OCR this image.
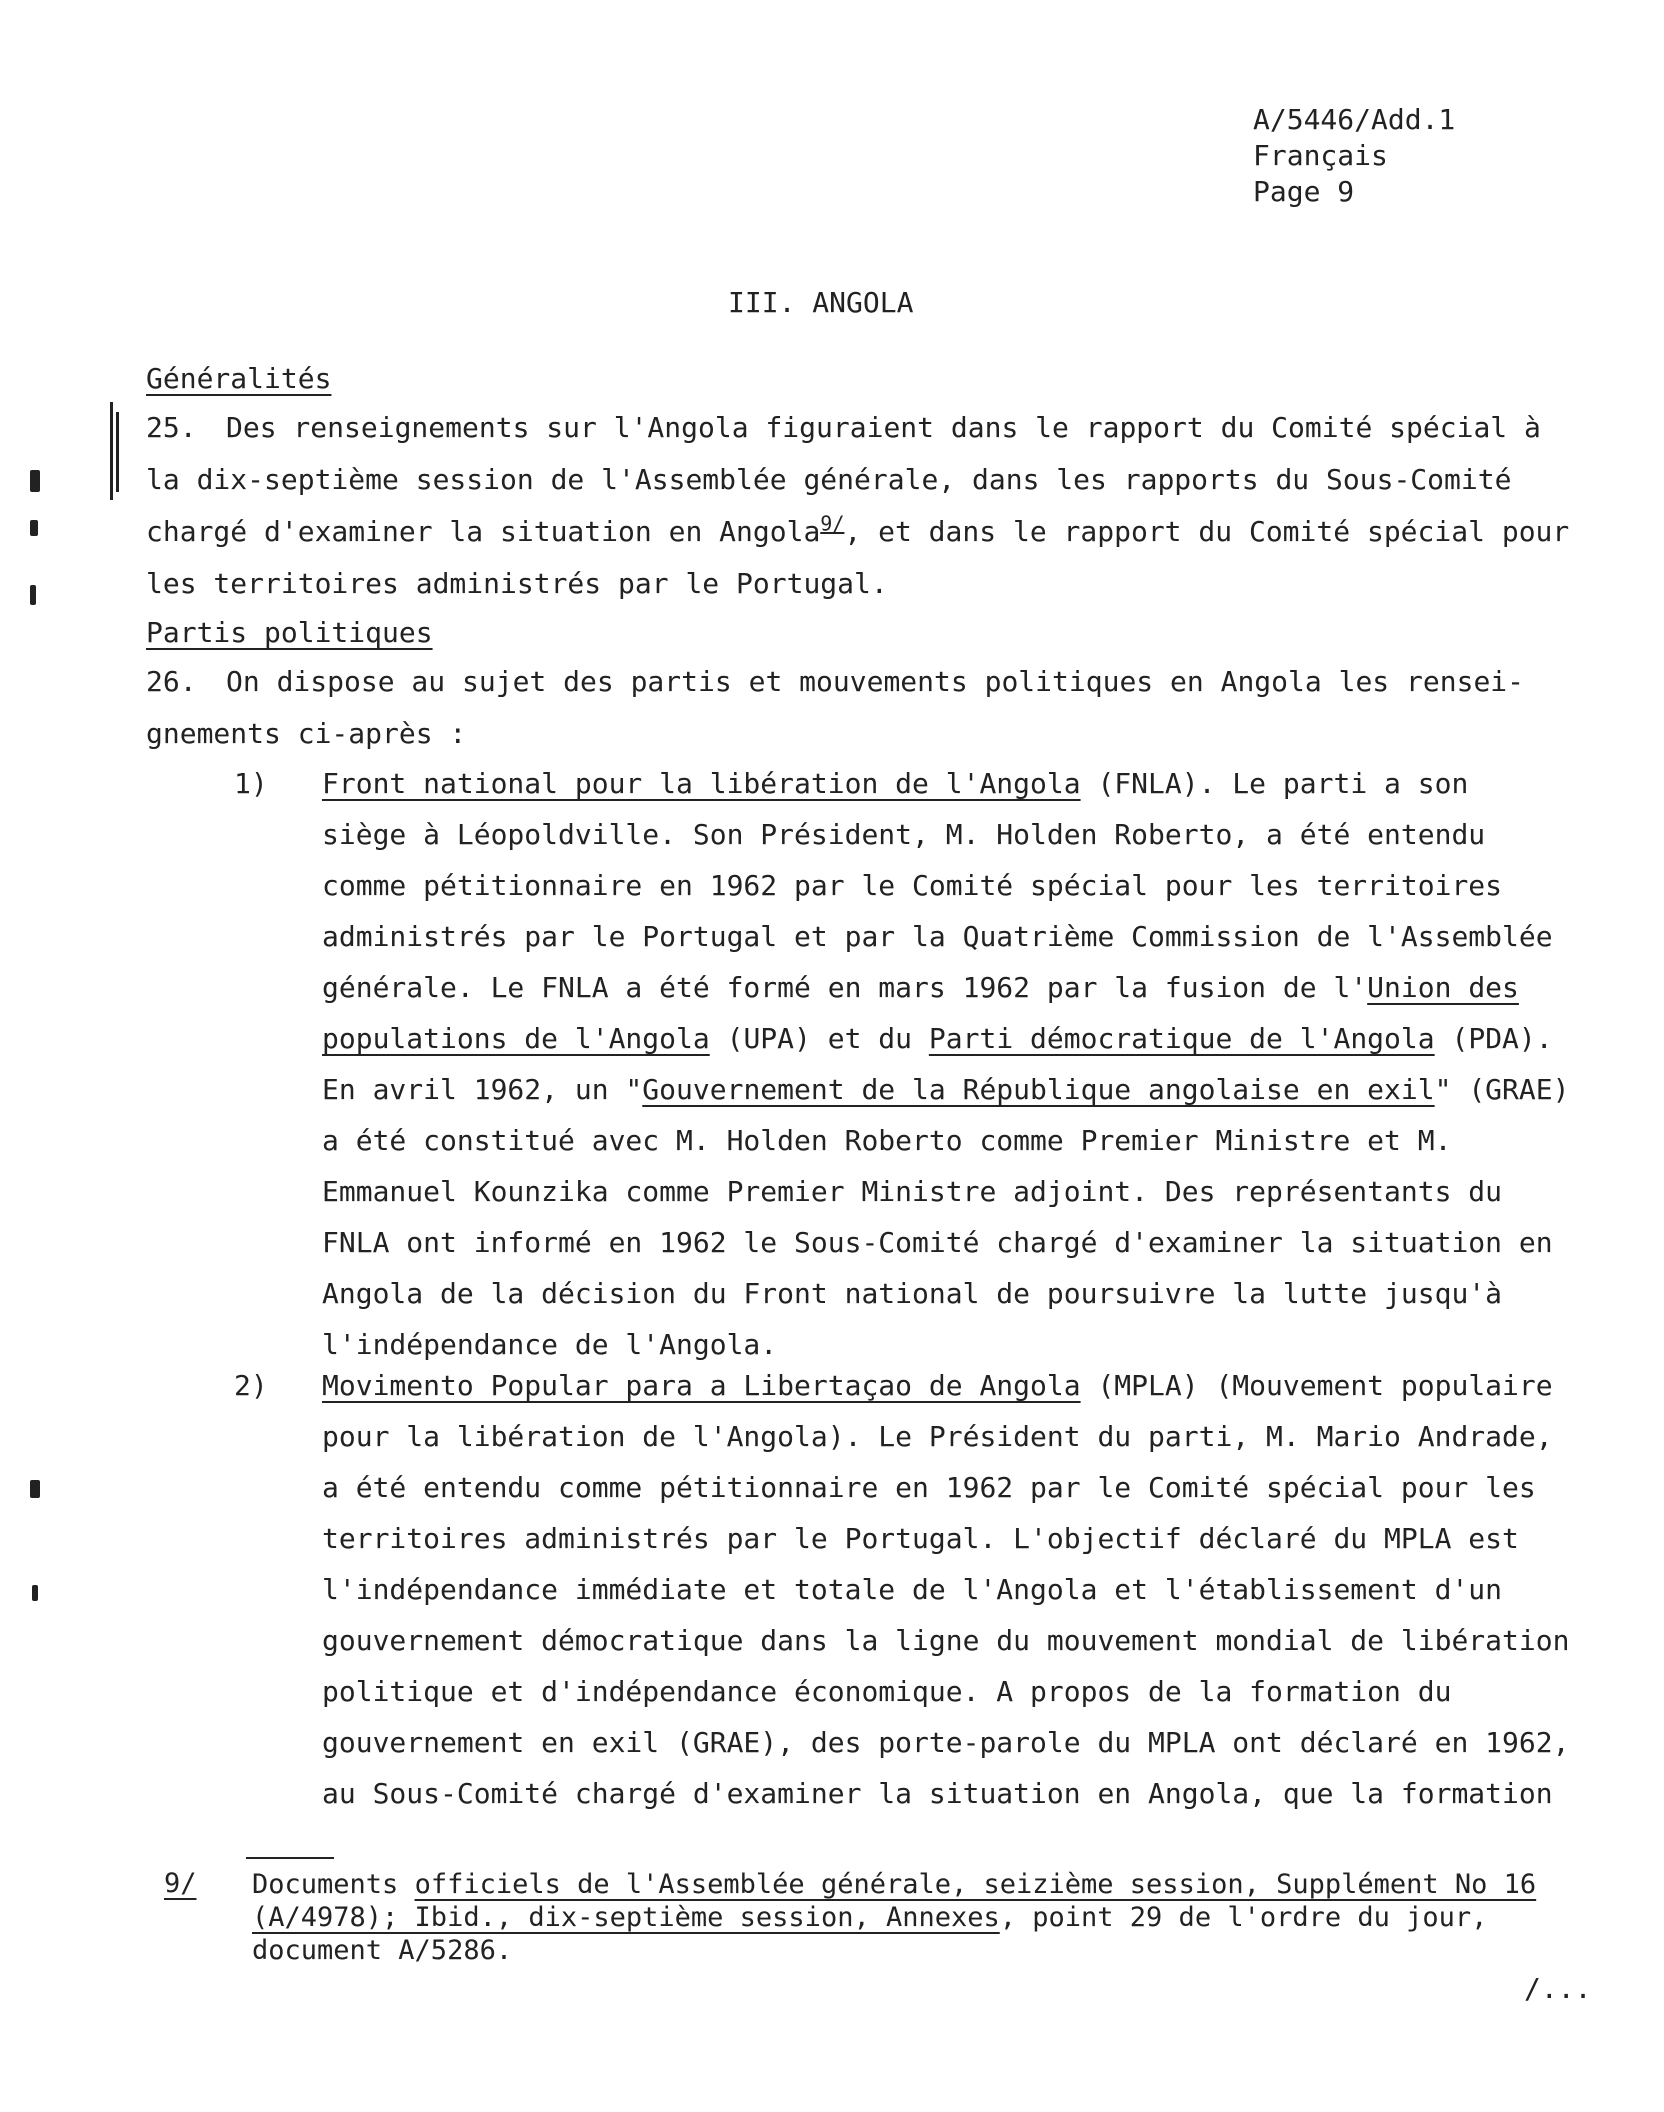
A/5446/Add.1
Français
Page 9
III. ANGOLA
Généralités
25. Des renseignements sur l'Angola figuraient dans le rapport du Comité spécial à
la dix-septième session de l'Assemblée générale, dans les rapports du Sous-Comité
chargé d'examiner la situation en Angola$^{9/}$, et dans le rapport du Comité spécial pour
les territoires administrés par le Portugal.
Partis politiques
26. On dispose au sujet des partis et mouvements politiques en Angola les rensei-
gnements ci-après :
1) Front national pour la libération de l'Angola (FNLA). Le parti a son
siège à Léopoldville. Son Président, M. Holden Roberto, a été entendu
comme pétitionnaire en 1962 par le Comité spécial pour les territoires
administrés par le Portugal et par la Quatrième Commission de l'Assemblée
générale. Le FNLA a été formé en mars 1962 par la fusion de l'Union des
populations de l'Angola (UPA) et du Parti démocratique de l'Angola (PDA).
En avril 1962, un "Gouvernement de la République angolaise en exil" (GRAE)
a été constitué avec M. Holden Roberto comme Premier Ministre et M.
Emmanuel Kounzika comme Premier Ministre adjoint. Des représentants du
FNLA ont informé en 1962 le Sous-Comité chargé d'examiner la situation en
Angola de la décision du Front national de poursuivre la lutte jusqu'à
l'indépendance de l'Angola.
2) Movimento Popular para a Libertaçao de Angola (MPLA) (Mouvement populaire
pour la libération de l'Angola). Le Président du parti, M. Mario Andrade,
a été entendu comme pétitionnaire en 1962 par le Comité spécial pour les
territoires administrés par le Portugal. L'objectif déclaré du MPLA est
l'indépendance immédiate et totale de l'Angola et l'établissement d'un
gouvernement démocratique dans la ligne du mouvement mondial de libération
politique et d'indépendance économique. A propos de la formation du
gouvernement en exil (GRAE), des porte-parole du MPLA ont déclaré en 1962,
au Sous-Comité chargé d'examiner la situation en Angola, que la formation
9/ Documents officiels de l'Assemblée générale, seizième session, Supplément No 16
(A/4978); Ibid., dix-septième session, Annexes, point 29 de l'ordre du jour,
document A/5286.
/...
